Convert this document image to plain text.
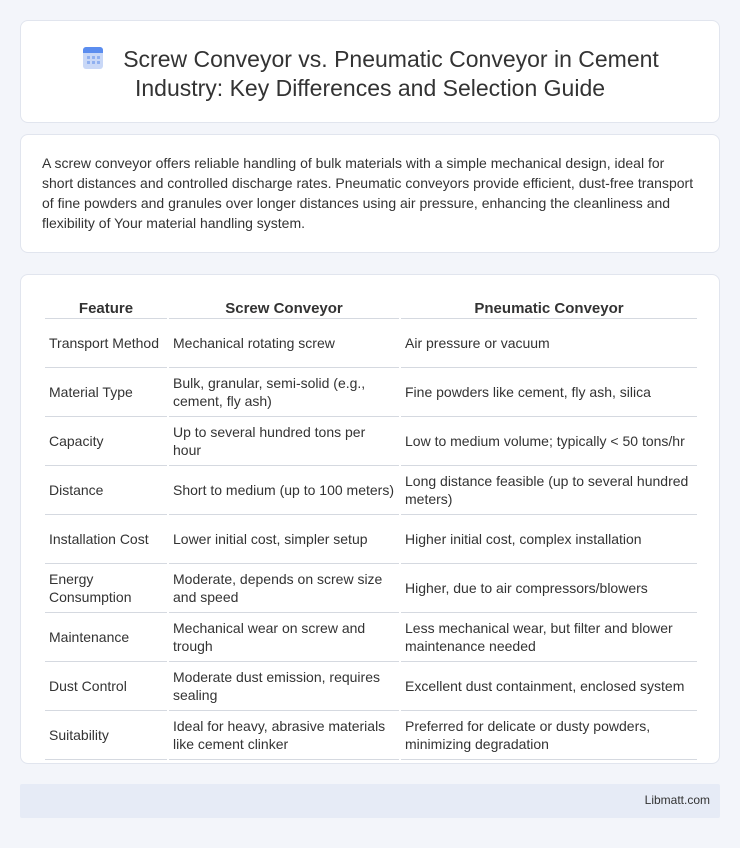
Screw Conveyor vs. Pneumatic Conveyor in Cement Industry: Key Differences and Selection Guide

A screw conveyor offers reliable handling of bulk materials with a simple mechanical design, ideal for short distances and controlled discharge rates. Pneumatic conveyors provide efficient, dust-free transport of fine powders and granules over longer distances using air pressure, enhancing the cleanliness and flexibility of Your material handling system.

Feature	Screw Conveyor	Pneumatic Conveyor
Transport Method	Mechanical rotating screw	Air pressure or vacuum
Material Type	Bulk, granular, semi-solid (e.g., cement, fly ash)	Fine powders like cement, fly ash, silica
Capacity	Up to several hundred tons per hour	Low to medium volume; typically < 50 tons/hr
Distance	Short to medium (up to 100 meters)	Long distance feasible (up to several hundred meters)
Installation Cost	Lower initial cost, simpler setup	Higher initial cost, complex installation
Energy Consumption	Moderate, depends on screw size and speed	Higher, due to air compressors/blowers
Maintenance	Mechanical wear on screw and trough	Less mechanical wear, but filter and blower maintenance needed
Dust Control	Moderate dust emission, requires sealing	Excellent dust containment, enclosed system
Suitability	Ideal for heavy, abrasive materials like cement clinker	Preferred for delicate or dusty powders, minimizing degradation
Libmatt.com
